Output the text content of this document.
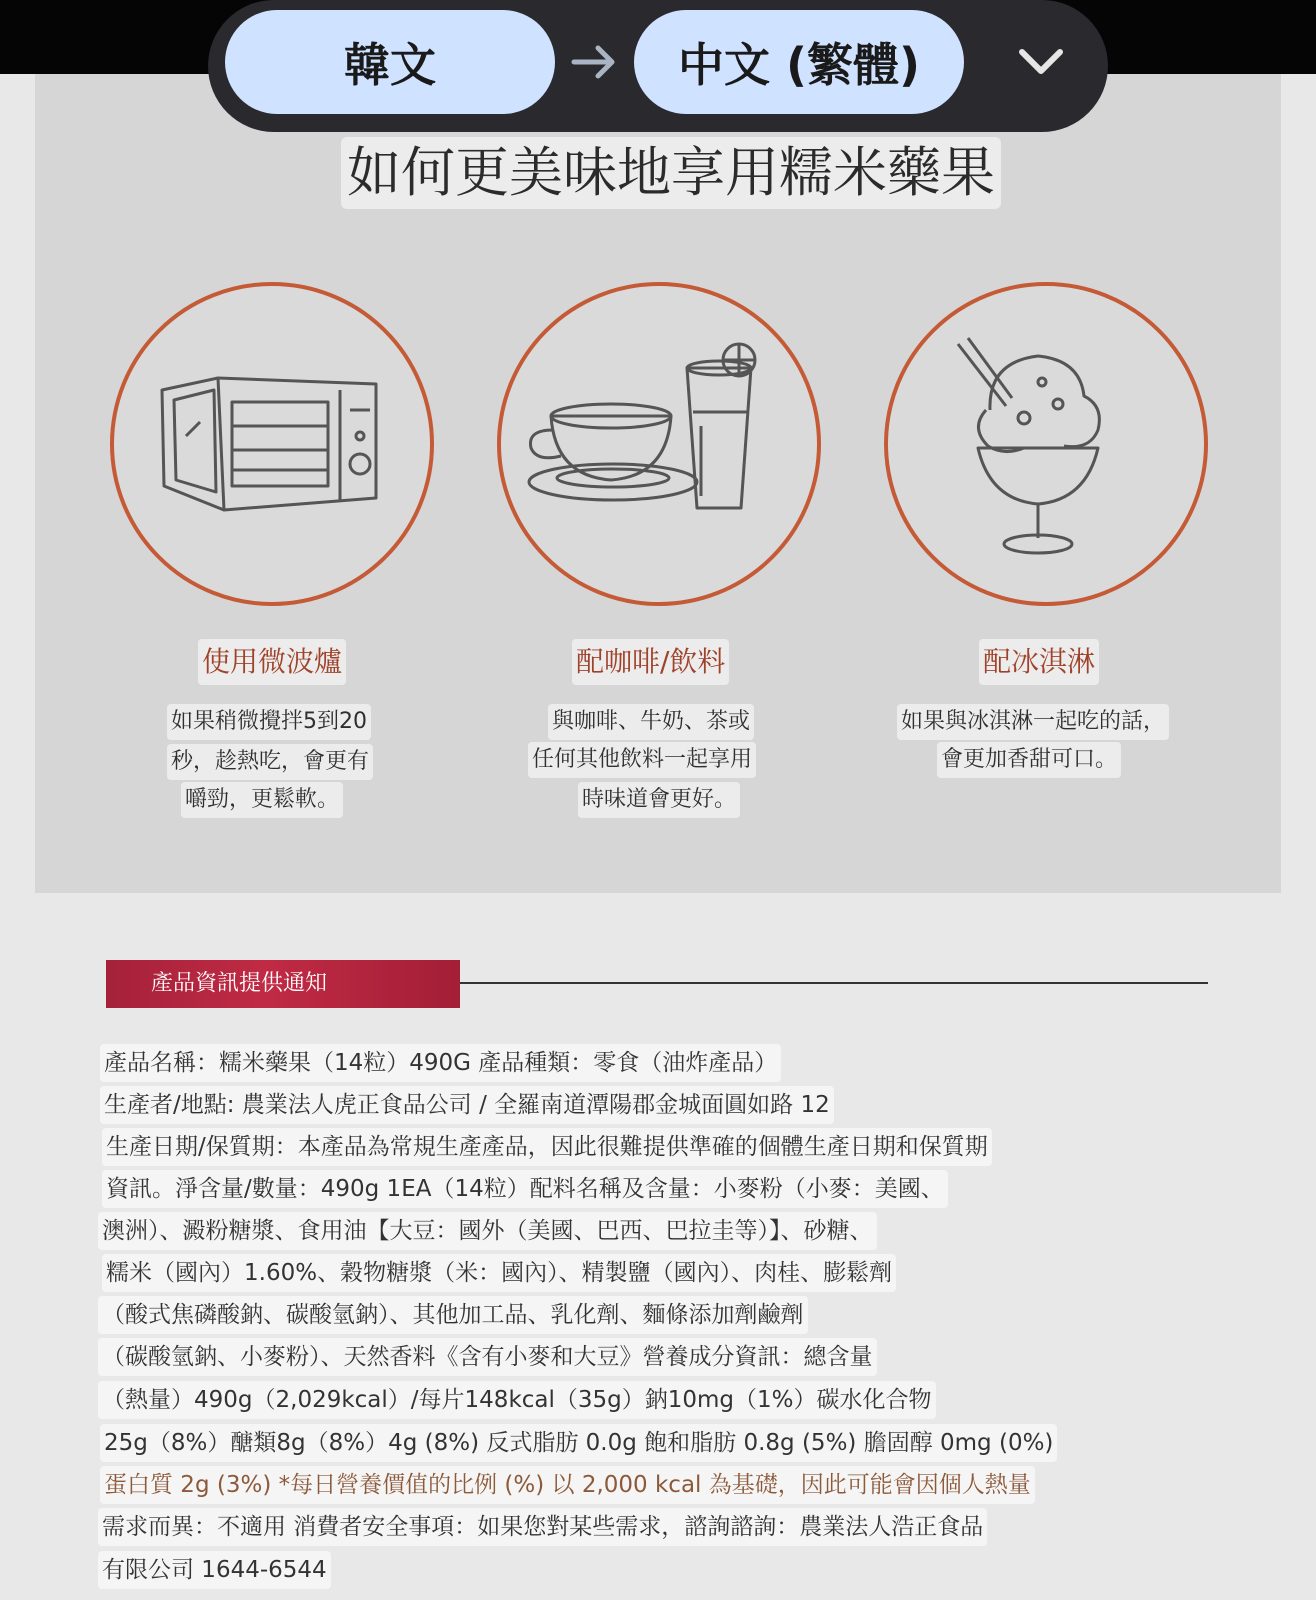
韓文	中文 (繁體)
如何更美味地享用糯米藥果
使用微波爐	配咖啡/飲料	配冰淇淋
如果稍微攪拌5到20
秒，趁熱吃，會更有
嚼勁，更鬆軟。
與咖啡、牛奶、茶或
任何其他飲料一起享用
時味道會更好。
如果與冰淇淋一起吃的話，
會更加香甜可口。
產品資訊提供通知
產品名稱：糯米藥果（14粒）490G 產品種類：零食（油炸產品）
生產者/地點: 農業法人虎正食品公司 / 全羅南道潭陽郡金城面圓如路 12
生產日期/保質期：本產品為常規生產產品，因此很難提供準確的個體生產日期和保質期
資訊。淨含量/數量：490g 1EA（14粒）配料名稱及含量：小麥粉（小麥：美國、
澳洲）、澱粉糖漿、食用油【大豆：國外（美國、巴西、巴拉圭等）】、砂糖、
糯米（國內）1.60%、穀物糖漿（米：國內）、精製鹽（國內）、肉桂、膨鬆劑
（酸式焦磷酸鈉、碳酸氫鈉）、其他加工品、乳化劑、麵條添加劑鹼劑
（碳酸氫鈉、小麥粉）、天然香料《含有小麥和大豆》營養成分資訊：總含量
（熱量）490g（2,029kcal）/每片148kcal（35g）鈉10mg（1%）碳水化合物
25g（8%）醣類8g（8%）4g (8%) 反式脂肪 0.0g 飽和脂肪 0.8g (5%) 膽固醇 0mg (0%)
蛋白質 2g (3%) *每日營養價值的比例 (%) 以 2,000 kcal 為基礎，因此可能會因個人熱量
需求而異：不適用 消費者安全事項：如果您對某些需求，諮詢諮詢：農業法人浩正食品
有限公司 1644-6544
